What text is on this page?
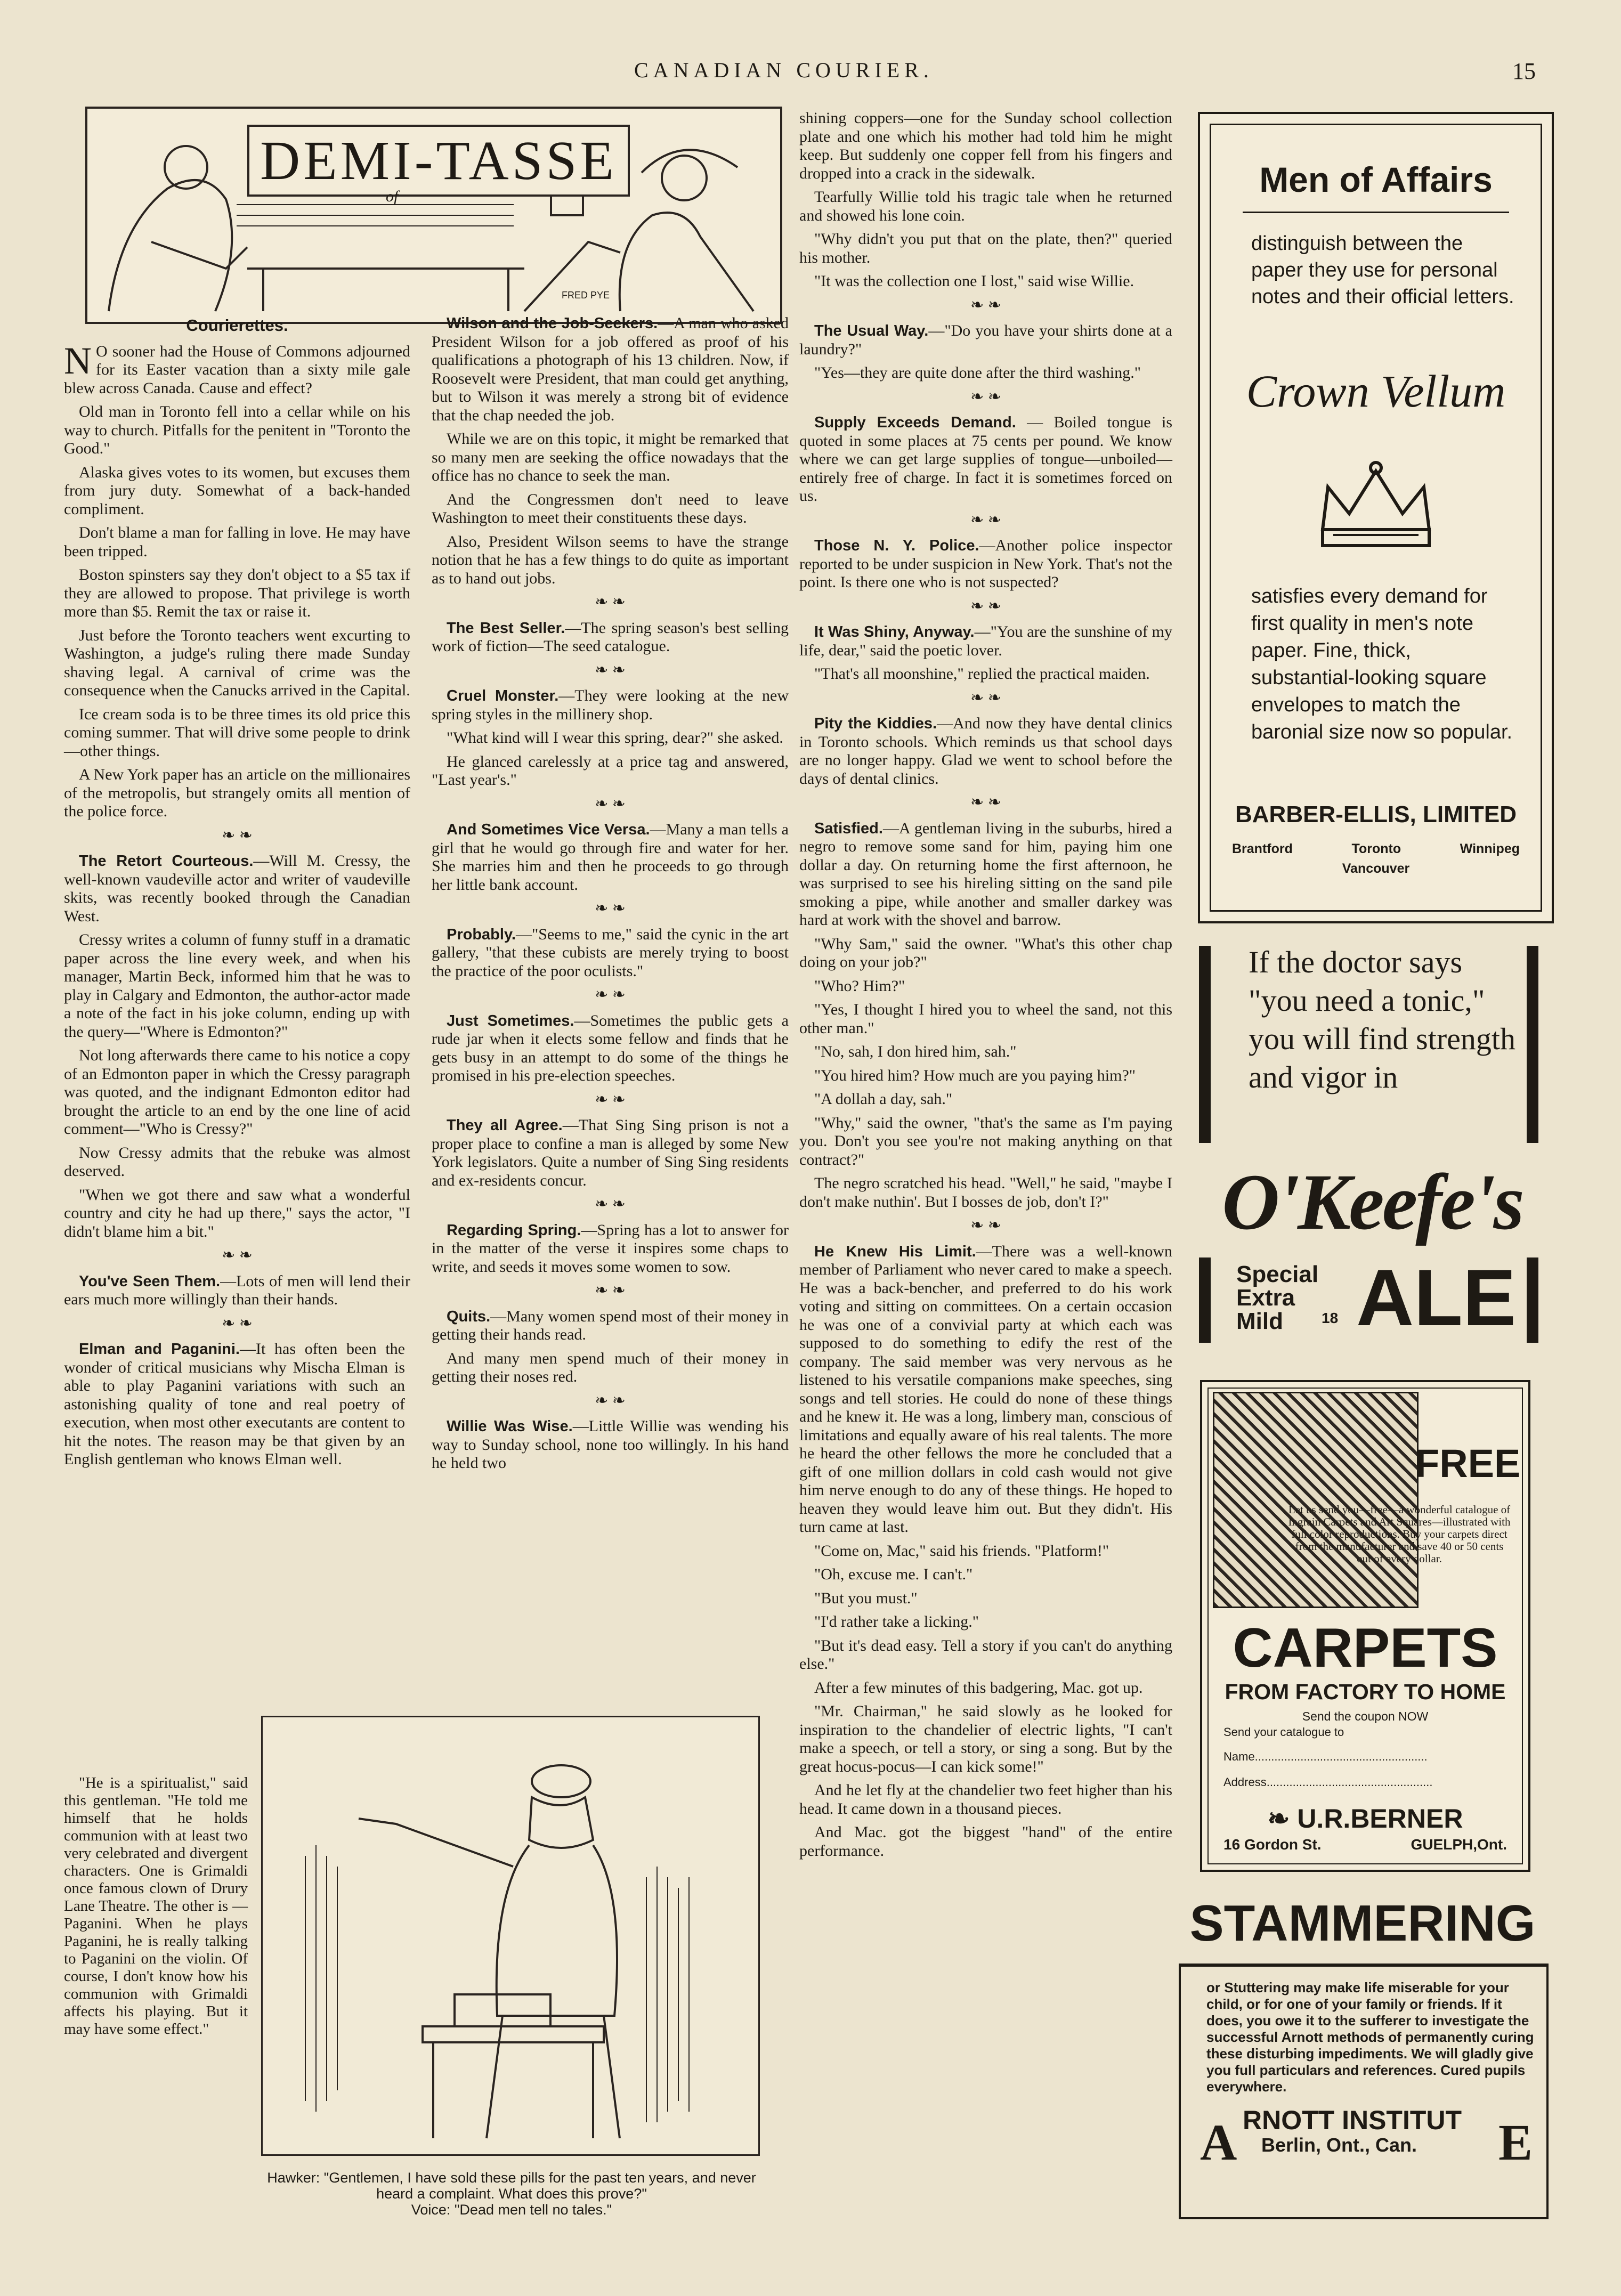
CANADIAN COURIER.	15
DEMI-TASSE
of
FRED PYE
Courierettes.

N O sooner had the House of Commons adjourned for its Easter vacation than a sixty mile gale blew across Canada. Cause and effect?

Old man in Toronto fell into a cellar while on his way to church. Pitfalls for the penitent in "Toronto the Good."

Alaska gives votes to its women, but excuses them from jury duty. Somewhat of a back-handed compliment.

Don't blame a man for falling in love. He may have been tripped.

Boston spinsters say they don't object to a $5 tax if they are allowed to propose. That privilege is worth more than $5. Remit the tax or raise it.

Just before the Toronto teachers went excurting to Washington, a judge's ruling there made Sunday shaving legal. A carnival of crime was the consequence when the Canucks arrived in the Capital.

Ice cream soda is to be three times its old price this coming summer. That will drive some people to drink—other things.

A New York paper has an article on the millionaires of the metropolis, but strangely omits all mention of the police force.

❧ ❧

The Retort Courteous.—Will M. Cressy, the well-known vaudeville actor and writer of vaudeville skits, was recently booked through the Canadian West.

Cressy writes a column of funny stuff in a dramatic paper across the line every week, and when his manager, Martin Beck, informed him that he was to play in Calgary and Edmonton, the author-actor made a note of the fact in his joke column, ending up with the query—"Where is Edmonton?"

Not long afterwards there came to his notice a copy of an Edmonton paper in which the Cressy paragraph was quoted, and the indignant Edmonton editor had brought the article to an end by the one line of acid comment—"Who is Cressy?"

Now Cressy admits that the rebuke was almost deserved.

"When we got there and saw what a wonderful country and city he had up there," says the actor, "I didn't blame him a bit."

❧ ❧

You've Seen Them.—Lots of men will lend their ears much more willingly than their hands.

❧ ❧

Elman and Paganini.—It has often been the wonder of critical musicians why Mischa Elman is able to play Paganini variations with such an astonishing quality of tone and real poetry of execution, when most other executants are content to hit the notes. The reason may be that given by an English gentleman who knows Elman well.

"He is a spiritualist," said this gentleman. "He told me himself that he holds communion with at least two very celebrated and divergent characters. One is Grimaldi once famous clown of Drury Lane Theatre. The other is — Paganini. When he plays Paganini, he is really talking to Paganini on the violin. Of course, I don't know how his communion with Grimaldi affects his playing. But it may have some effect."

Wilson and the Job-Seekers.—A man who asked President Wilson for a job offered as proof of his qualifications a photograph of his 13 children. Now, if Roosevelt were President, that man could get anything, but to Wilson it was merely a strong bit of evidence that the chap needed the job.

While we are on this topic, it might be remarked that so many men are seeking the office nowadays that the office has no chance to seek the man.

And the Congressmen don't need to leave Washington to meet their constituents these days.

Also, President Wilson seems to have the strange notion that he has a few things to do quite as important as to hand out jobs.

❧ ❧

The Best Seller.—The spring season's best selling work of fiction—The seed catalogue.

❧ ❧

Cruel Monster.—They were looking at the new spring styles in the millinery shop.

"What kind will I wear this spring, dear?" she asked.

He glanced carelessly at a price tag and answered, "Last year's."

❧ ❧

And Sometimes Vice Versa.—Many a man tells a girl that he would go through fire and water for her. She marries him and then he proceeds to go through her little bank account.

❧ ❧

Probably.—"Seems to me," said the cynic in the art gallery, "that these cubists are merely trying to boost the practice of the poor oculists."

❧ ❧

Just Sometimes.—Sometimes the public gets a rude jar when it elects some fellow and finds that he gets busy in an attempt to do some of the things he promised in his pre-election speeches.

❧ ❧

They all Agree.—That Sing Sing prison is not a proper place to confine a man is alleged by some New York legislators. Quite a number of Sing Sing residents and ex-residents concur.

❧ ❧

Regarding Spring.—Spring has a lot to answer for in the matter of the verse it inspires some chaps to write, and seeds it moves some women to sow.

❧ ❧

Quits.—Many women spend most of their money in getting their hands read.

And many men spend much of their money in getting their noses red.

❧ ❧

Willie Was Wise.—Little Willie was wending his way to Sunday school, none too willingly. In his hand he held two

Hawker: "Gentlemen, I have sold these pills for the past ten years, and never heard a complaint. What does this prove?"
Voice: "Dead men tell no tales."

shining coppers—one for the Sunday school collection plate and one which his mother had told him he might keep. But suddenly one copper fell from his fingers and dropped into a crack in the sidewalk.

Tearfully Willie told his tragic tale when he returned and showed his lone coin.

"Why didn't you put that on the plate, then?" queried his mother.

"It was the collection one I lost," said wise Willie.

❧ ❧

The Usual Way.—"Do you have your shirts done at a laundry?"

"Yes—they are quite done after the third washing."

❧ ❧

Supply Exceeds Demand. — Boiled tongue is quoted in some places at 75 cents per pound. We know where we can get large supplies of tongue—unboiled—entirely free of charge. In fact it is sometimes forced on us.

❧ ❧

Those N. Y. Police.—Another police inspector reported to be under suspicion in New York. That's not the point. Is there one who is not suspected?

❧ ❧

It Was Shiny, Anyway.—"You are the sunshine of my life, dear," said the poetic lover.

"That's all moonshine," replied the practical maiden.

❧ ❧

Pity the Kiddies.—And now they have dental clinics in Toronto schools. Which reminds us that school days are no longer happy. Glad we went to school before the days of dental clinics.

❧ ❧

Satisfied.—A gentleman living in the suburbs, hired a negro to remove some sand for him, paying him one dollar a day. On returning home the first afternoon, he was surprised to see his hireling sitting on the sand pile smoking a pipe, while another and smaller darkey was hard at work with the shovel and barrow.

"Why Sam," said the owner. "What's this other chap doing on your job?"

"Who? Him?"

"Yes, I thought I hired you to wheel the sand, not this other man."

"No, sah, I don hired him, sah."

"You hired him? How much are you paying him?"

"A dollah a day, sah."

"Why," said the owner, "that's the same as I'm paying you. Don't you see you're not making anything on that contract?"

The negro scratched his head. "Well," he said, "maybe I don't make nuthin'. But I bosses de job, don't I?"

❧ ❧

He Knew His Limit.—There was a well-known member of Parliament who never cared to make a speech. He was a back-bencher, and preferred to do his work voting and sitting on committees. On a certain occasion he was one of a convivial party at which each was supposed to do something to edify the rest of the company. The said member was very nervous as he listened to his versatile companions make speeches, sing songs and tell stories. He could do none of these things and he knew it. He was a long, limbery man, conscious of limitations and equally aware of his real talents. The more he heard the other fellows the more he concluded that a gift of one million dollars in cold cash would not give him nerve enough to do any of these things. He hoped to heaven they would leave him out. But they didn't. His turn came at last.

"Come on, Mac," said his friends. "Platform!"

"Oh, excuse me. I can't."

"But you must."

"I'd rather take a licking."

"But it's dead easy. Tell a story if you can't do anything else."

After a few minutes of this badgering, Mac. got up.

"Mr. Chairman," he said slowly as he looked for inspiration to the chandelier of electric lights, "I can't make a speech, or tell a story, or sing a song. But by the great hocus-pocus—I can kick some!"

And he let fly at the chandelier two feet higher than his head. It came down in a thousand pieces.

And Mac. got the biggest "hand" of the entire performance.

Men of Affairs
distinguish between the paper they use for personal notes and their official letters.
Crown Vellum
satisfies every demand for first quality in men's note paper. Fine, thick, substantial-looking square envelopes to match the baronial size now so popular.
BARBER-ELLIS, LIMITED
Brantford	Toronto	Winnipeg
Vancouver
If the doctor says "you need a tonic," you will find strength and vigor in
O'Keefe's
Special
Extra
Mild	18 ALE
FREE
Let us send you—free—a wonderful catalogue of Ingrain Carpets and Art Squares—illustrated with full color reproductions. Buy your carpets direct from the manufacturer and save 40 or 50 cents out of every dollar.
CARPETS
FROM FACTORY TO HOME
Send the coupon NOW
Send your catalogue to
Name.....................................................
Address...................................................
❧ U.R.BERNER
16 Gordon St.	GUELPH,Ont.
STAMMERING
or Stuttering may make life miserable for your child, or for one of your family or friends. If it does, you owe it to the sufferer to investigate the successful Arnott methods of permanently curing these disturbing impediments. We will gladly give you full particulars and references. Cured pupils everywhere.
A RNOTT INSTITUT E
Berlin, Ont., Can.
